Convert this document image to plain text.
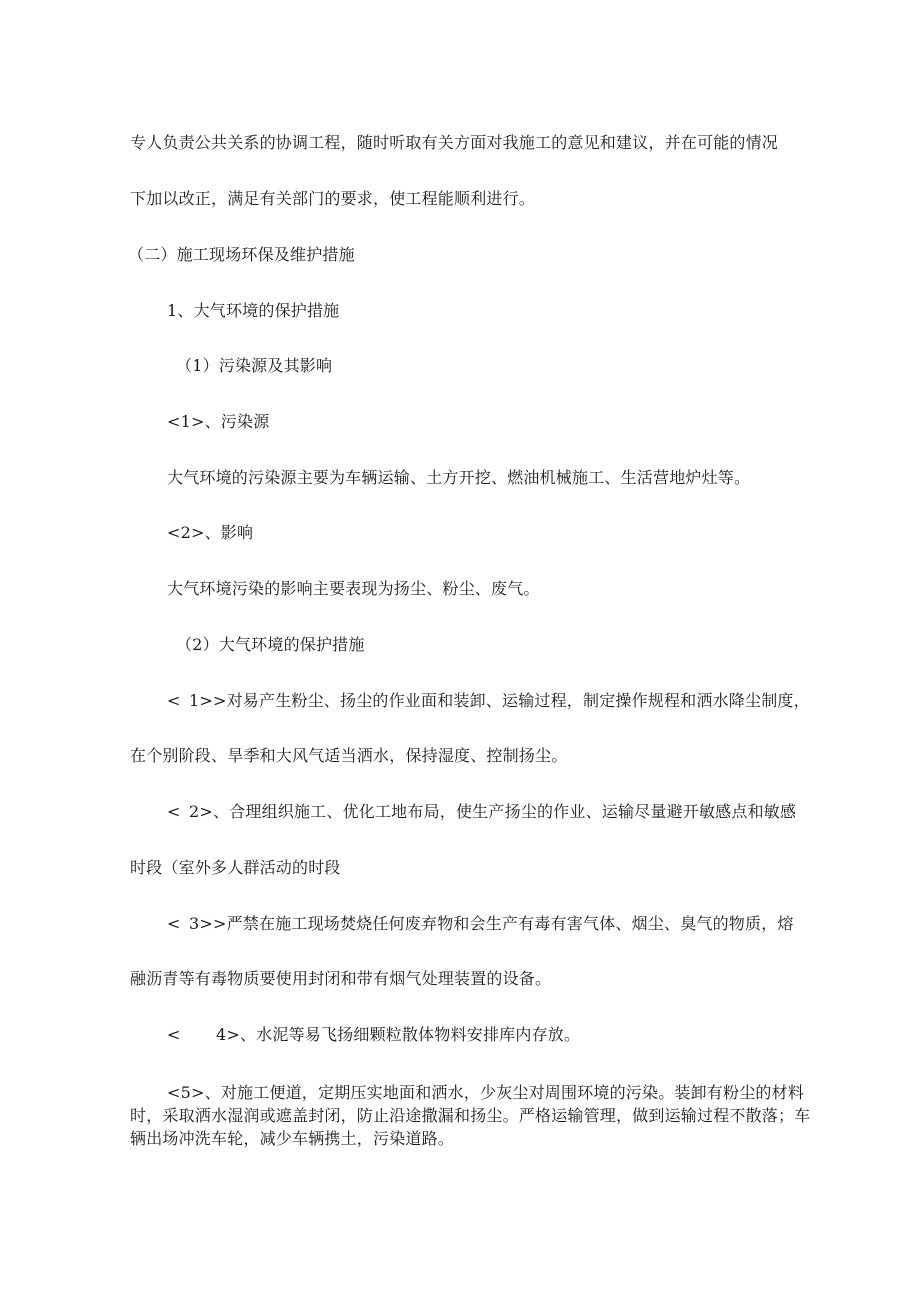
专人负责公共关系的协调工程，随时听取有关方面对我施工的意见和建议，并在可能的情况
下加以改正，满足有关部门的要求，使工程能顺利进行。
（二）施工现场环保及维护措施
1、大气环境的保护措施
（1）污染源及其影响
<1>、污染源
大气环境的污染源主要为车辆运输、土方开挖、燃油机械施工、生活营地炉灶等。
<2>、影响
大气环境污染的影响主要表现为扬尘、粉尘、废气。
（2）大气环境的保护措施
< 1>>对易产生粉尘、扬尘的作业面和装卸、运输过程，制定操作规程和洒水降尘制度，
在个别阶段、旱季和大风气适当洒水，保持湿度、控制扬尘。
< 2>、合理组织施工、优化工地布局，使生产扬尘的作业、运输尽量避开敏感点和敏感
时段（室外多人群活动的时段
< 3>>严禁在施工现场焚烧任何废弃物和会生产有毒有害气体、烟尘、臭气的物质，熔
融沥青等有毒物质要使用封闭和带有烟气处理装置的设备。
< 4>、水泥等易飞扬细颗粒散体物料安排库内存放。
<5>、对施工便道，定期压实地面和洒水，少灰尘对周围环境的污染。装卸有粉尘的材料时，采取洒水湿润或遮盖封闭，防止沿途撒漏和扬尘。严格运输管理，做到运输过程不散落；车辆出场冲洗车轮，减少车辆携土，污染道路。
